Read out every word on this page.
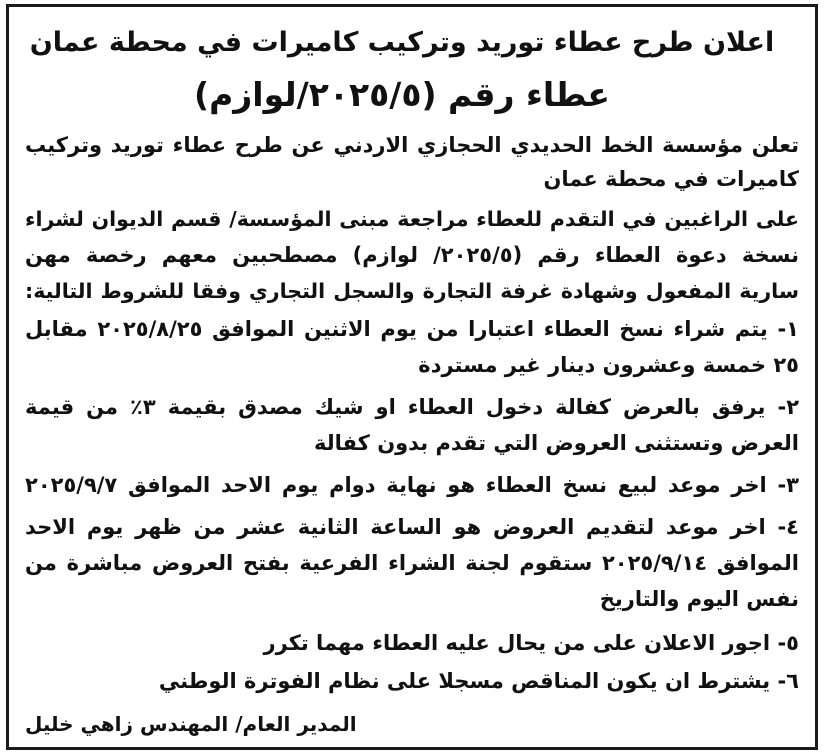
اعلان طرح عطاء توريد وتركيب كاميرات في محطة عمان
عطاء رقم (٢٠٢٥/٥/لوازم)
تعلن مؤسسة الخط الحديدي الحجازي الاردني عن طرح عطاء توريد وتركيب
كاميرات في محطة عمان
على الراغبين في التقدم للعطاء مراجعة مبنى المؤسسة/ قسم الديوان لشراء
نسخة دعوة العطاء رقم (٢٠٢٥/٥/ لوازم) مصطحبين معهم رخصة مهن
سارية المفعول وشهادة غرفة التجارة والسجل التجاري وفقا للشروط التالية:
١- يتم شراء نسخ العطاء اعتبارا من يوم الاثنين الموافق ٢٠٢٥/٨/٢٥ مقابل
٢٥ خمسة وعشرون دينار غير مستردة
٢- يرفق بالعرض كفالة دخول العطاء او شيك مصدق بقيمة ٣٪ من قيمة
العرض وتستثنى العروض التي تقدم بدون كفالة
٣- اخر موعد لبيع نسخ العطاء هو نهاية دوام يوم الاحد الموافق ٢٠٢٥/٩/٧
٤- اخر موعد لتقديم العروض هو الساعة الثانية عشر من ظهر يوم الاحد
الموافق ٢٠٢٥/٩/١٤ ستقوم لجنة الشراء الفرعية بفتح العروض مباشرة من
نفس اليوم والتاريخ
٥- اجور الاعلان على من يحال عليه العطاء مهما تكرر
٦- يشترط ان يكون المناقص مسجلا على نظام الفوترة الوطني
المدير العام/ المهندس زاهي خليل
